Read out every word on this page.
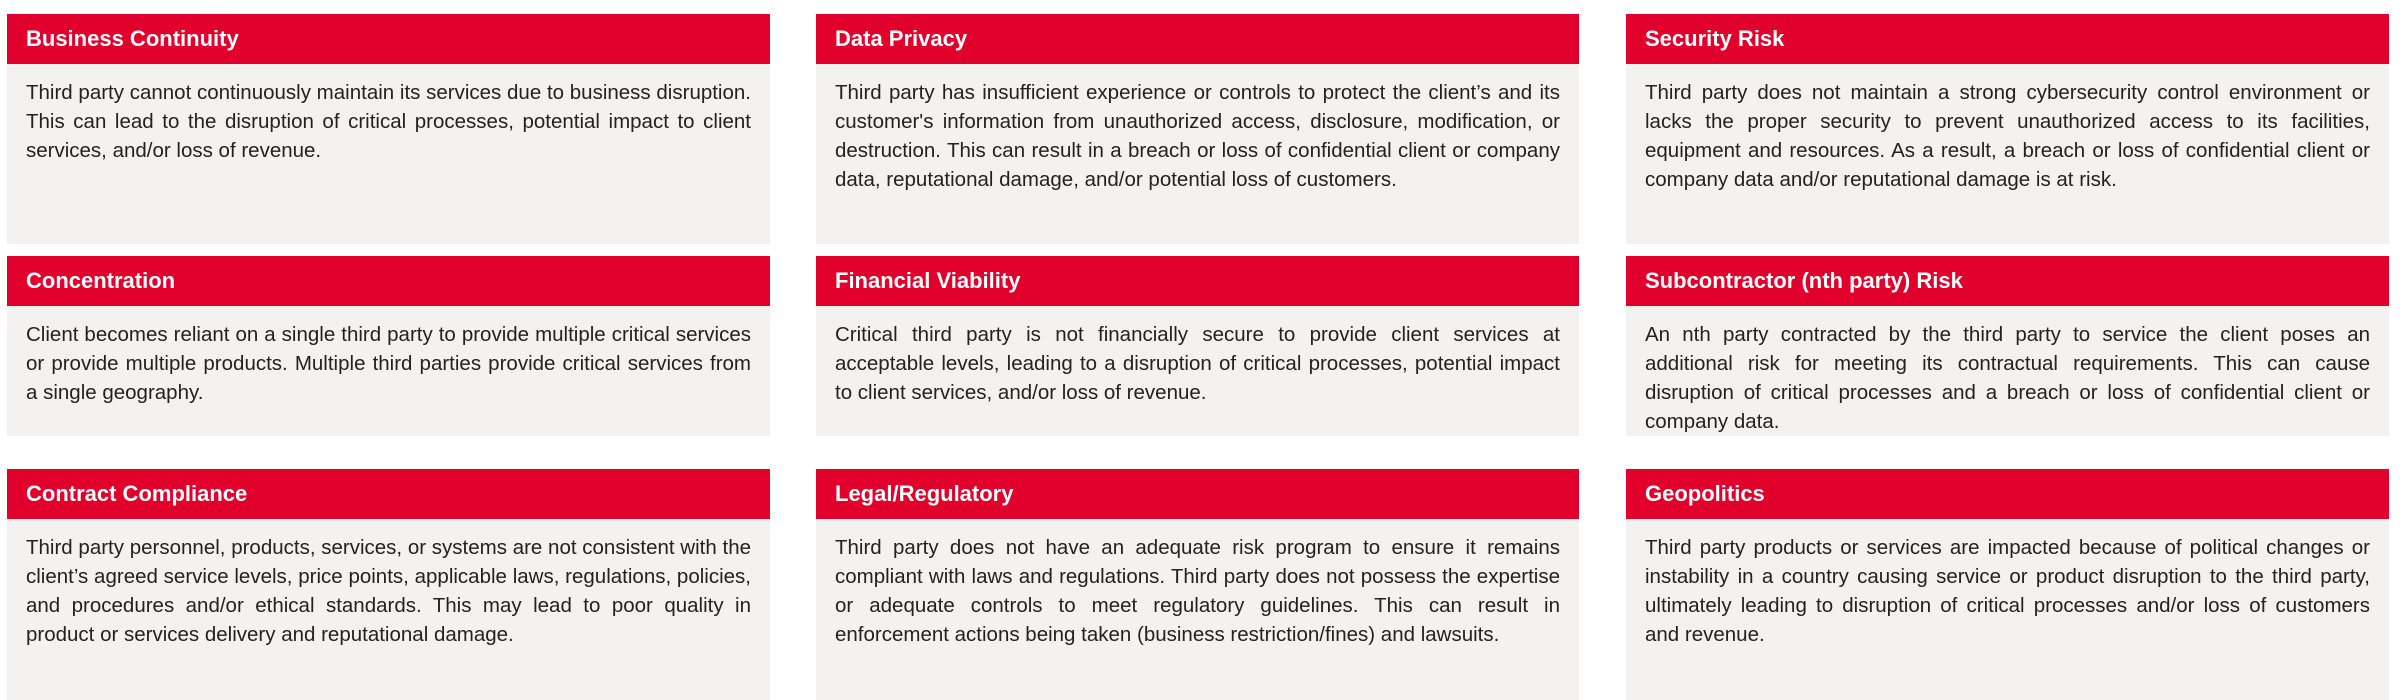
Business Continuity
Third party cannot continuously maintain its services due to business disruption. This can lead to the disruption of critical processes, potential impact to client services, and/or loss of revenue.
Data Privacy
Third party has insufficient experience or controls to protect the client’s and its customer's information from unauthorized access, disclosure, modification, or destruction. This can result in a breach or loss of confidential client or company data, reputational damage, and/or potential loss of customers.
Security Risk
Third party does not maintain a strong cybersecurity control environment or lacks the proper security to prevent unauthorized access to its facilities, equipment and resources. As a result, a breach or loss of confidential client or company data and/or reputational damage is at risk.
Concentration
Client becomes reliant on a single third party to provide multiple critical services or provide multiple products. Multiple third parties provide critical services from a single geography.
Financial Viability
Critical third party is not financially secure to provide client services at acceptable levels, leading to a disruption of critical processes, potential impact to client services, and/or loss of revenue.
Subcontractor (nth party) Risk
An nth party contracted by the third party to service the client poses an additional risk for meeting its contractual requirements. This can cause disruption of critical processes and a breach or loss of confidential client or company data.
Contract Compliance
Third party personnel, products, services, or systems are not consistent with the client’s agreed service levels, price points, applicable laws, regulations, policies, and procedures and/or ethical standards. This may lead to poor quality in product or services delivery and reputational damage.
Legal/Regulatory
Third party does not have an adequate risk program to ensure it remains compliant with laws and regulations. Third party does not possess the expertise or adequate controls to meet regulatory guidelines. This can result in enforcement actions being taken (business restriction/fines) and lawsuits.
Geopolitics
Third party products or services are impacted because of political changes or instability in a country causing service or product disruption to the third party, ultimately leading to disruption of critical processes and/or loss of customers and revenue.
